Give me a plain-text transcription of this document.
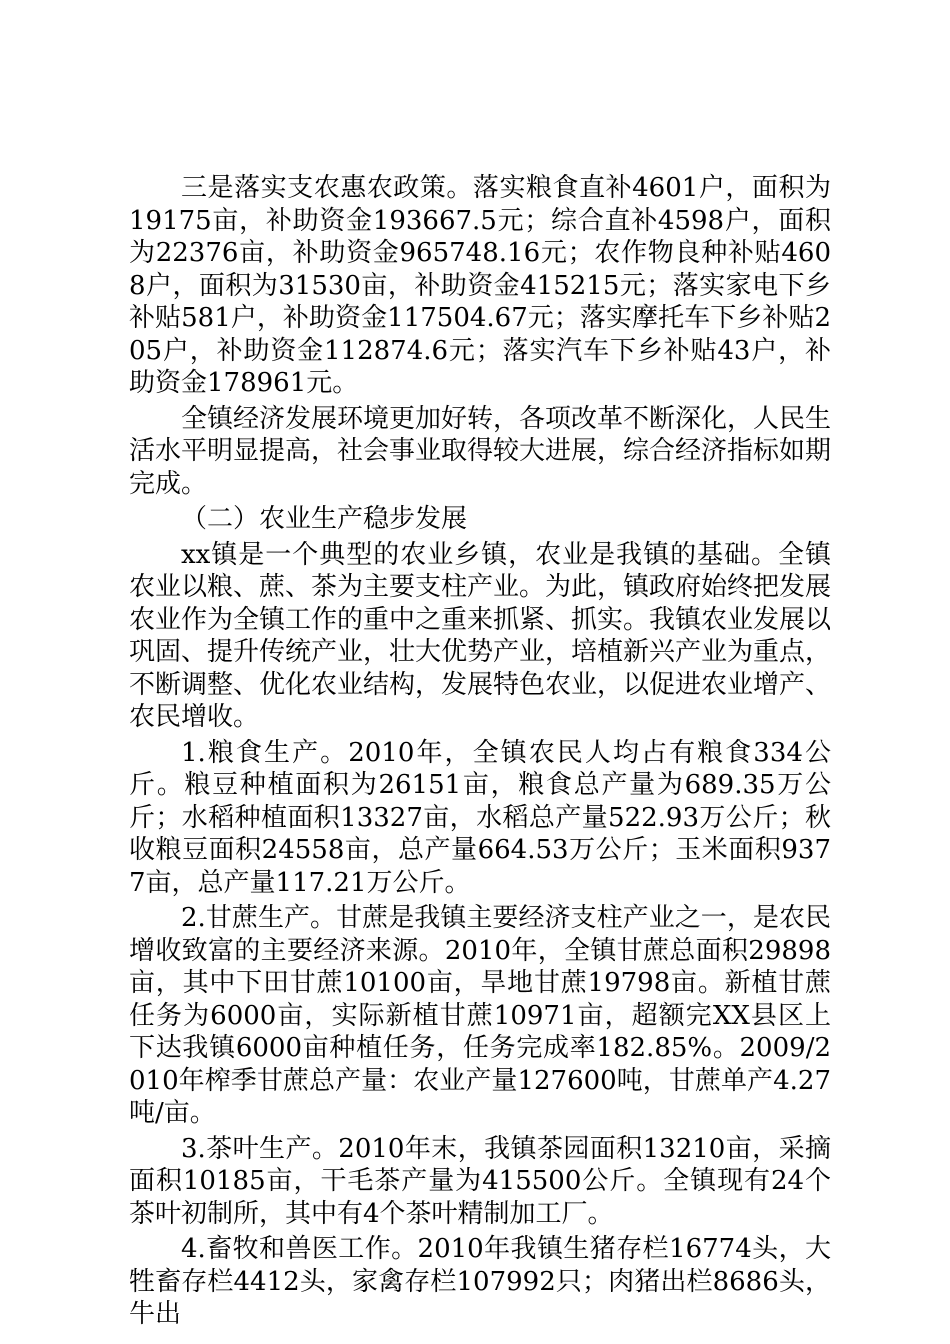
三是落实支农惠农政策。落实粮食直补4601户，面积为19175亩，补助资金193667.5元；综合直补4598户，面积为22376亩，补助资金965748.16元；农作物良种补贴4608户，面积为31530亩，补助资金415215元；落实家电下乡补贴581户，补助资金117504.67元；落实摩托车下乡补贴205户，补助资金112874.6元；落实汽车下乡补贴43户，补助资金178961元。

全镇经济发展环境更加好转，各项改革不断深化，人民生活水平明显提高，社会事业取得较大进展，综合经济指标如期完成。

（二）农业生产稳步发展

xx镇是一个典型的农业乡镇，农业是我镇的基础。全镇农业以粮、蔗、茶为主要支柱产业。为此，镇政府始终把发展农业作为全镇工作的重中之重来抓紧、抓实。我镇农业发展以巩固、提升传统产业，壮大优势产业，培植新兴产业为重点，不断调整、优化农业结构，发展特色农业，以促进农业增产、农民增收。

1.粮食生产。2010年，全镇农民人均占有粮食334公斤。粮豆种植面积为26151亩，粮食总产量为689.35万公斤；水稻种植面积13327亩，水稻总产量522.93万公斤；秋收粮豆面积24558亩，总产量664.53万公斤；玉米面积9377亩，总产量117.21万公斤。

2.甘蔗生产。甘蔗是我镇主要经济支柱产业之一，是农民增收致富的主要经济来源。2010年，全镇甘蔗总面积29898亩，其中下田甘蔗10100亩，旱地甘蔗19798亩。新植甘蔗任务为6000亩，实际新植甘蔗10971亩，超额完XX县区上下达我镇6000亩种植任务，任务完成率182.85%。2009/2010年榨季甘蔗总产量：农业产量127600吨，甘蔗单产4.27吨/亩。

3.茶叶生产。2010年末，我镇茶园面积13210亩，采摘面积10185亩，干毛茶产量为415500公斤。全镇现有24个茶叶初制所，其中有4个茶叶精制加工厂。

4.畜牧和兽医工作。2010年我镇生猪存栏16774头，大牲畜存栏4412头，家禽存栏107992只；肉猪出栏8686头，牛出
